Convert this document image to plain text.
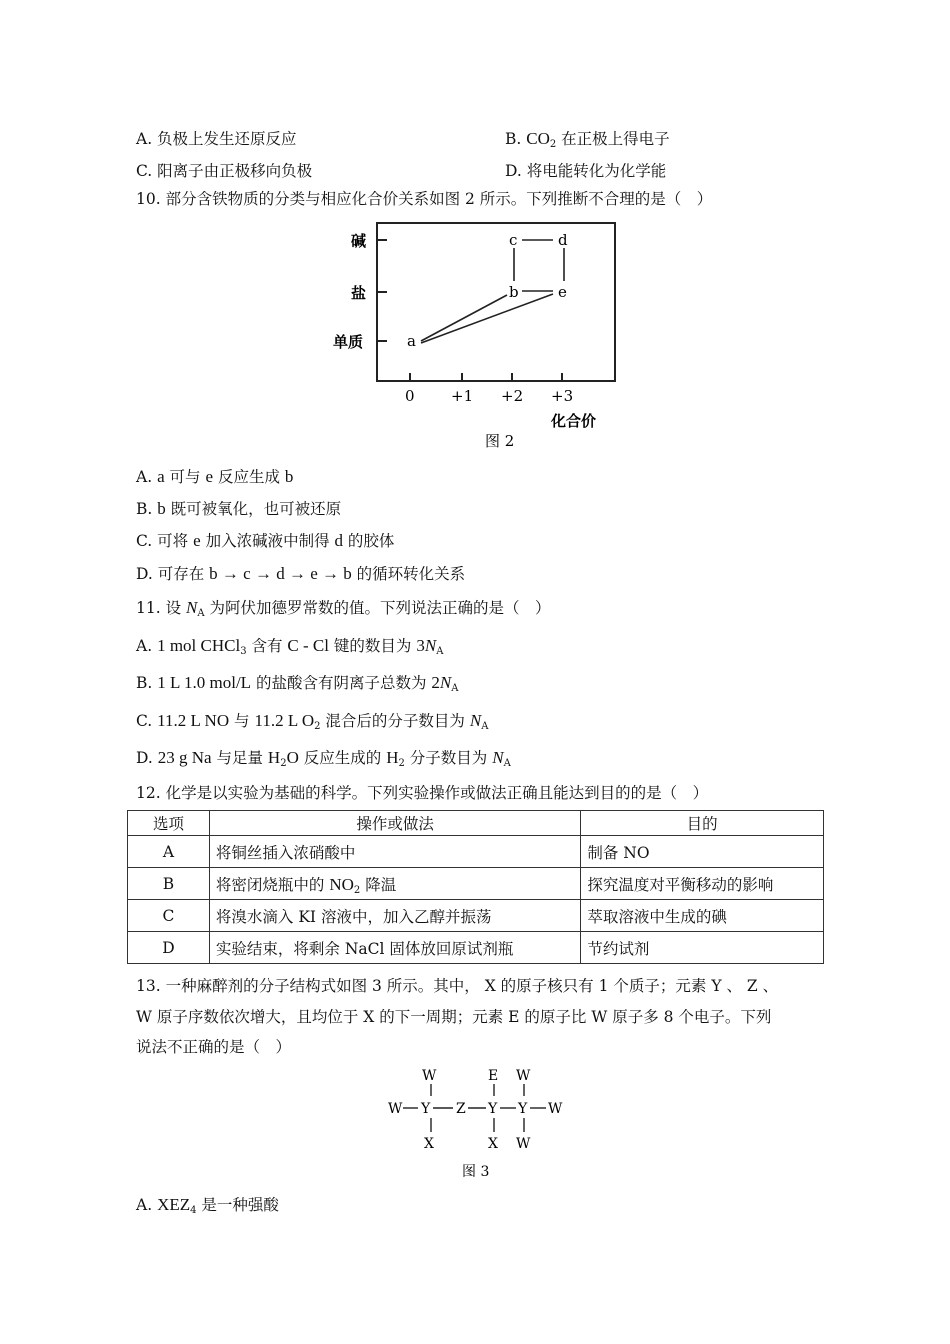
A. 负极上发生还原反应	B. $CO_2$ 在正极上得电子
C. 阳离子由正极移向负极	D. 将电能转化为化学能
10. 部分含铁物质的分类与相应化合价关系如图 2 所示。下列推断不合理的是（　）
碱
盐
单质
0 +1 +2 +3
化合价
图 2
a
b
c	d
e
A. a 可与 e 反应生成 b
B. b 既可被氧化，也可被还原
C. 可将 e 加入浓碱液中制得 d 的胶体
D. 可存在 b → c → d → e → b 的循环转化关系
11. 设 $N_A$ 为阿伏加德罗常数的值。下列说法正确的是（　）
A. 1 mol CHCl$_3$ 含有 C - Cl 键的数目为 $3N_A$
B. 1 L 1.0 mol/L 的盐酸含有阴离子总数为 $2N_A$
C. 11.2 L NO 与 11.2 L $O_2$ 混合后的分子数目为 $N_A$
D. 23 g Na 与足量 $H_2O$ 反应生成的 $H_2$ 分子数目为 $N_A$
12. 化学是以实验为基础的科学。下列实验操作或做法正确且能达到目的的是（　）
选项	操作或做法	目的
A	将铜丝插入浓硝酸中	制备 NO
B	将密闭烧瓶中的 $NO_2$ 降温	探究温度对平衡移动的影响
C	将溴水滴入 KI 溶液中，加入乙醇并振荡	萃取溶液中生成的碘
D	实验结束，将剩余 NaCl 固体放回原试剂瓶	节约试剂
13. 一种麻醉剂的分子结构式如图 3 所示。其中， X 的原子核只有 1 个质子；元素 Y 、 Z 、
W 原子序数依次增大，且均位于 X 的下一周期；元素 E 的原子比 W 原子多 8 个电子。下列
说法不正确的是（　）
W Y Z Y Y W
W
X
E
X
W
W
图 3
A. $XEZ_4$ 是一种强酸
